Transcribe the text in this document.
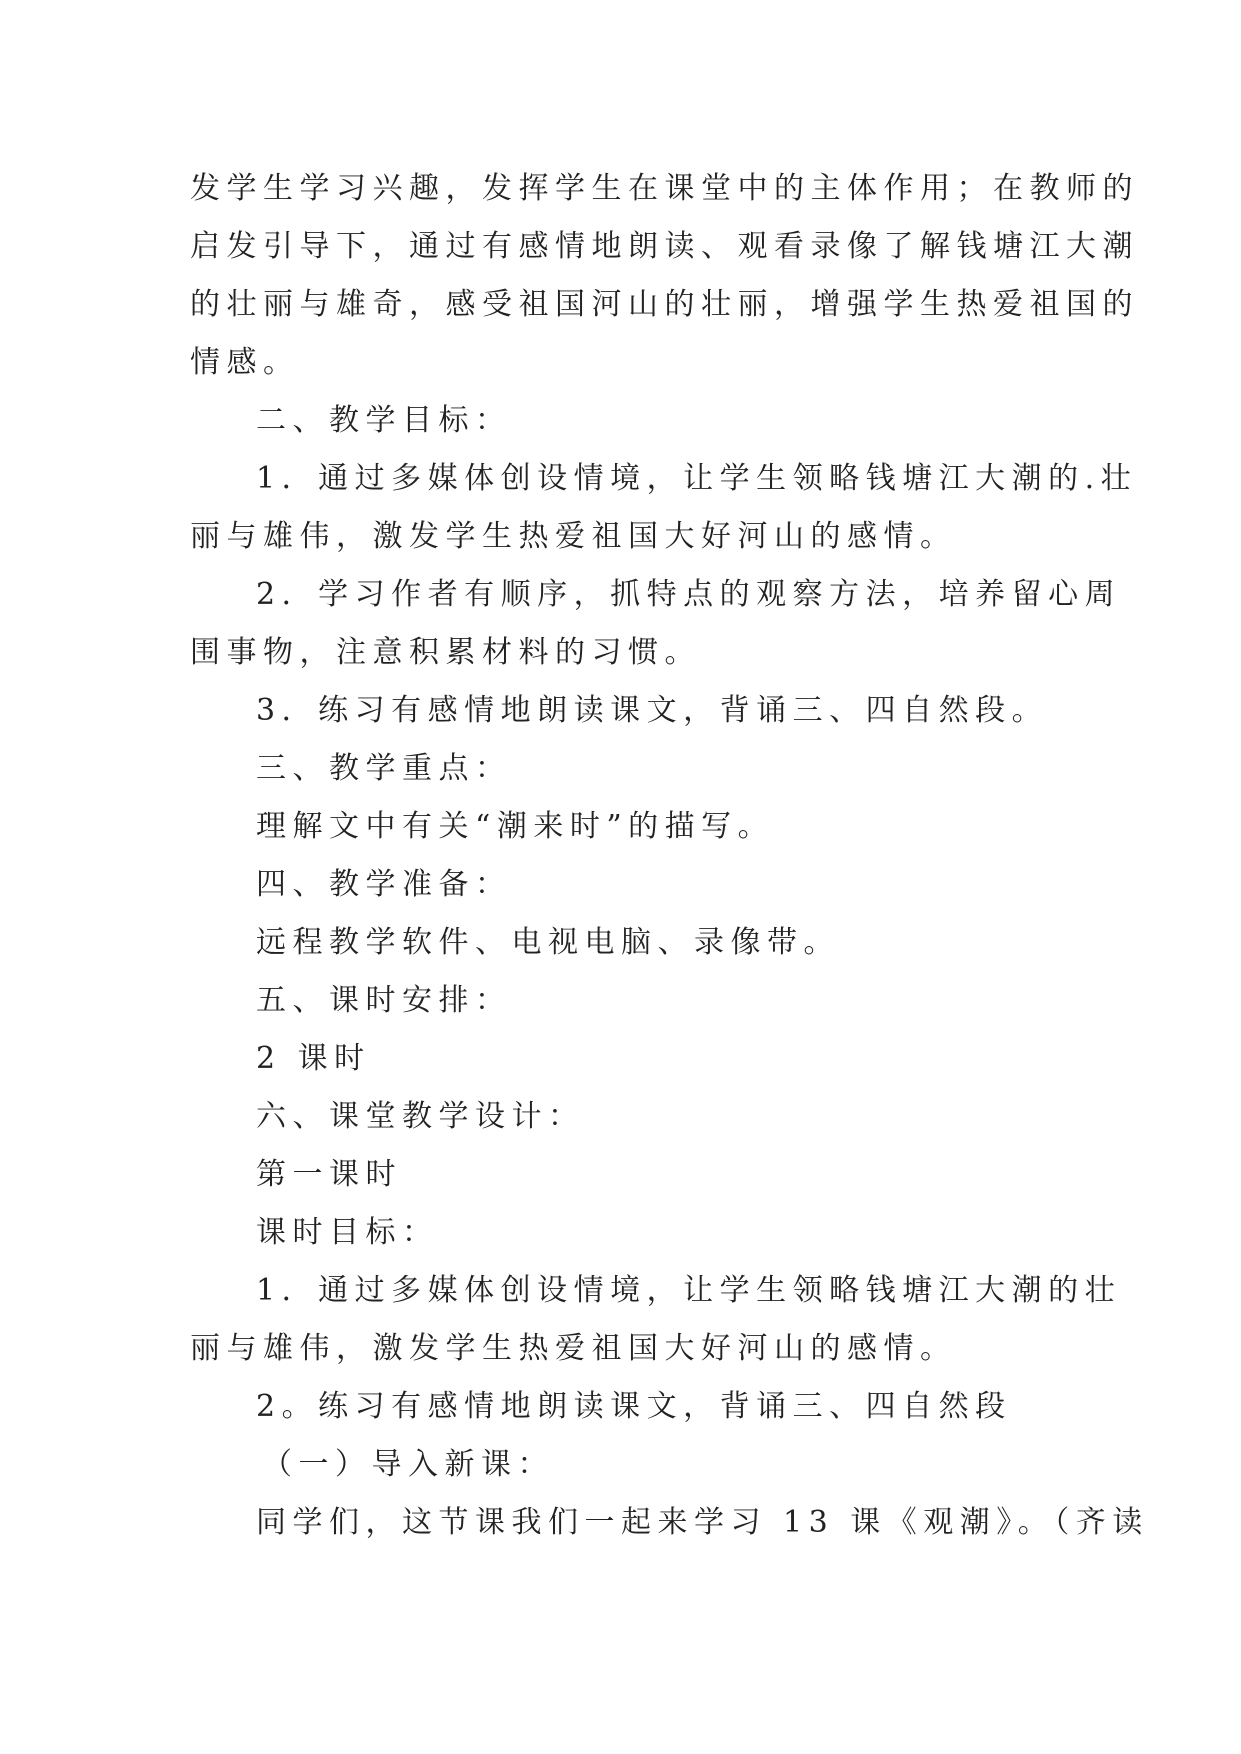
发学生学习兴趣，发挥学生在课堂中的主体作用；在教师的
启发引导下，通过有感情地朗读、观看录像了解钱塘江大潮
的壮丽与雄奇，感受祖国河山的壮丽，增强学生热爱祖国的
情感。
二、教学目标：
1．通过多媒体创设情境，让学生领略钱塘江大潮的.壮
丽与雄伟，激发学生热爱祖国大好河山的感情。
2．学习作者有顺序，抓特点的观察方法，培养留心周
围事物，注意积累材料的习惯。
3．练习有感情地朗读课文，背诵三、四自然段。
三、教学重点：
理解文中有关“潮来时”的描写。
四、教学准备：
远程教学软件、电视电脑、录像带。
五、课时安排：
2 课时
六、课堂教学设计：
第一课时
课时目标：
1．通过多媒体创设情境，让学生领略钱塘江大潮的壮
丽与雄伟，激发学生热爱祖国大好河山的感情。
2。练习有感情地朗读课文，背诵三、四自然段
（一）导入新课：
同学们，这节课我们一起来学习 13 课《观潮》。（齐读
